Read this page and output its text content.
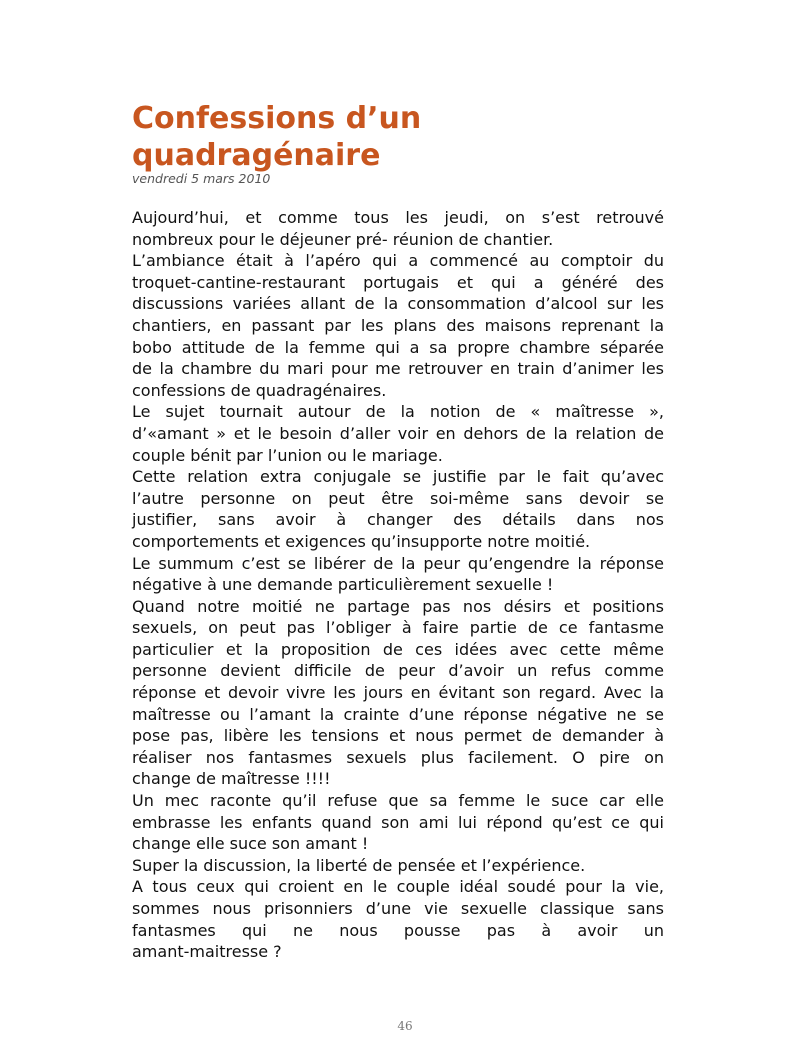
Confessions d’un
quadragénaire
vendredi 5 mars 2010
Aujourd’hui, et comme tous les jeudi, on s’est retrouvé
nombreux pour le déjeuner pré- réunion de chantier.
L’ambiance était à l’apéro qui a commencé au comptoir du
troquet-cantine-restaurant portugais et qui a généré des
discussions variées allant de la consommation d’alcool sur les
chantiers, en passant par les plans des maisons reprenant la
bobo attitude de la femme qui a sa propre chambre séparée
de la chambre du mari pour me retrouver en train d’animer les
confessions de quadragénaires.
Le sujet tournait autour de la notion de « maîtresse »,
d’«amant » et le besoin d’aller voir en dehors de la relation de
couple bénit par l’union ou le mariage.
Cette relation extra conjugale se justifie par le fait qu’avec
l’autre personne on peut être soi-même sans devoir se
justifier, sans avoir à changer des détails dans nos
comportements et exigences qu’insupporte notre moitié.
Le summum c’est se libérer de la peur qu’engendre la réponse
négative à une demande particulièrement sexuelle !
Quand notre moitié ne partage pas nos désirs et positions
sexuels, on peut pas l’obliger à faire partie de ce fantasme
particulier et la proposition de ces idées avec cette même
personne devient difficile de peur d’avoir un refus comme
réponse et devoir vivre les jours en évitant son regard. Avec la
maîtresse ou l’amant la crainte d’une réponse négative ne se
pose pas, libère les tensions et nous permet de demander à
réaliser nos fantasmes sexuels plus facilement. O pire on
change de maîtresse !!!!
Un mec raconte qu’il refuse que sa femme le suce car elle
embrasse les enfants quand son ami lui répond qu’est ce qui
change elle suce son amant !
Super la discussion, la liberté de pensée et l’expérience.
A tous ceux qui croient en le couple idéal soudé pour la vie,
sommes nous prisonniers d’une vie sexuelle classique sans
fantasmes qui ne nous pousse pas à avoir un
amant-maitresse ?
46
